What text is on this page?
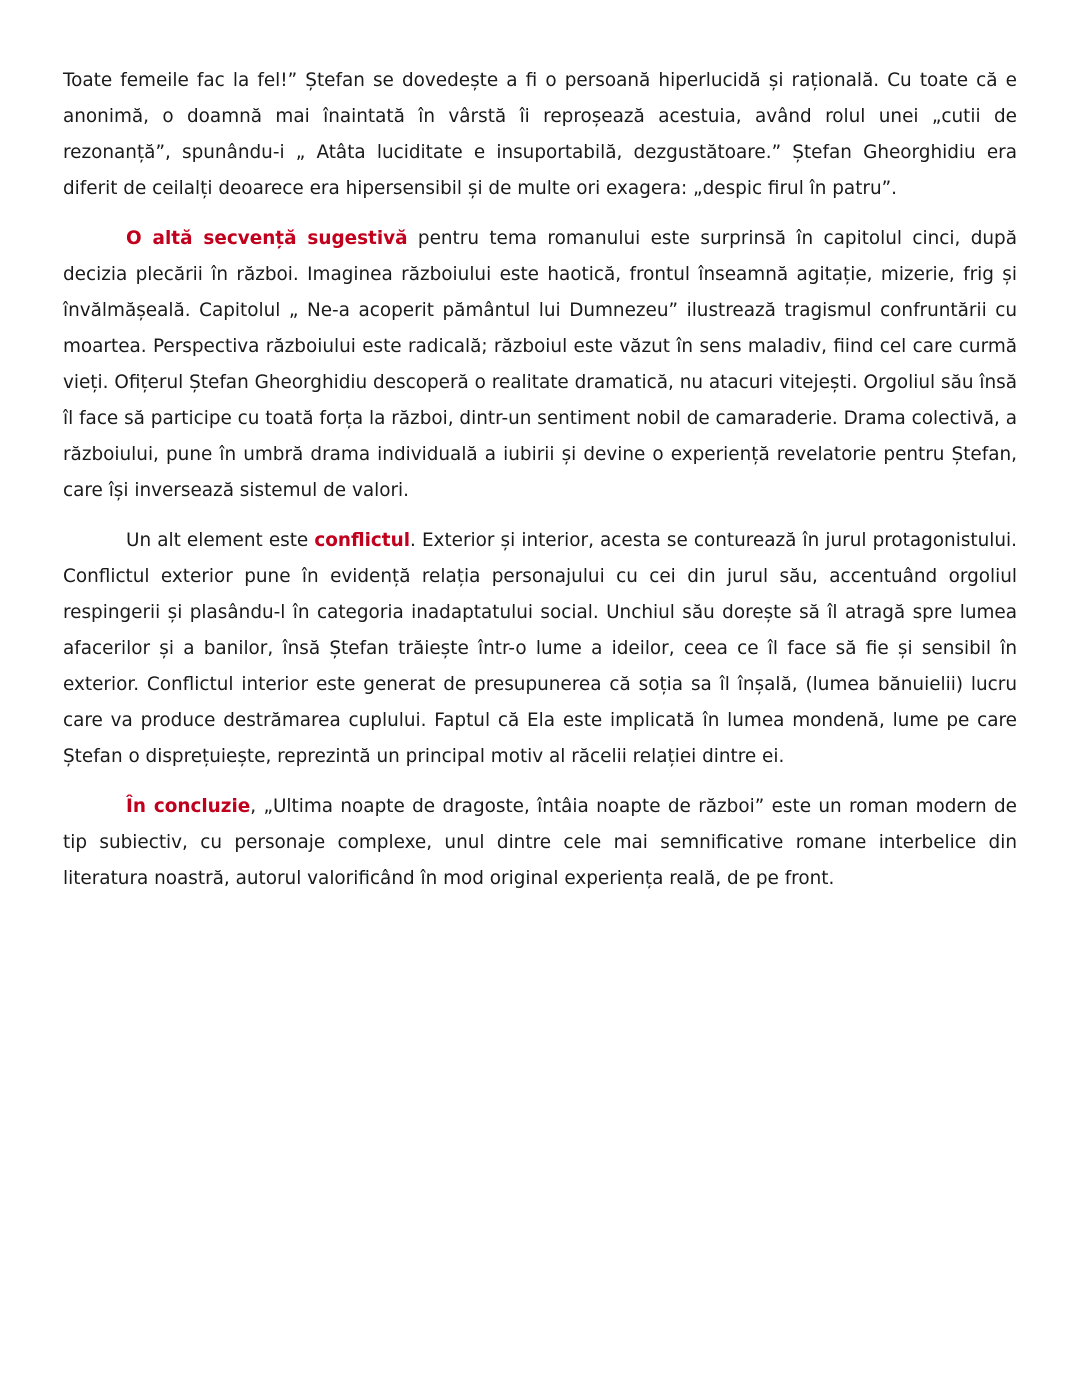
Toate femeile fac la fel!” Ștefan se dovedește a fi o persoană hiperlucidă și rațională. Cu toate că e anonimă, o doamnă mai înaintată în vârstă îi reproșează acestuia, având rolul unei „cutii de rezonanță”, spunându-i „ Atâta luciditate e insuportabilă, dezgustătoare.” Ștefan Gheorghidiu era diferit de ceilalți deoarece era hipersensibil și de multe ori exagera: „despic firul în patru”.

O altă secvență sugestivă pentru tema romanului este surprinsă în capitolul cinci, după decizia plecării în război. Imaginea războiului este haotică, frontul înseamnă agitație, mizerie, frig și învălmășeală. Capitolul „ Ne-a acoperit pământul lui Dumnezeu” ilustrează tragismul confruntării cu moartea. Perspectiva războiului este radicală; războiul este văzut în sens maladiv, fiind cel care curmă vieți. Ofițerul Ștefan Gheorghidiu descoperă o realitate dramatică, nu atacuri vitejești. Orgoliul său însă îl face să participe cu toată forța la război, dintr-un sentiment nobil de camaraderie. Drama colectivă, a războiului, pune în umbră drama individuală a iubirii și devine o experiență revelatorie pentru Ștefan, care își inversează sistemul de valori.

Un alt element este conflictul. Exterior și interior, acesta se conturează în jurul protagonistului. Conflictul exterior pune în evidență relația personajului cu cei din jurul său, accentuând orgoliul respingerii și plasându-l în categoria inadaptatului social. Unchiul său dorește să îl atragă spre lumea afacerilor și a banilor, însă Ștefan trăiește într-o lume a ideilor, ceea ce îl face să fie și sensibil în exterior. Conflictul interior este generat de presupunerea că soția sa îl înșală, (lumea bănuielii) lucru care va produce destrămarea cuplului. Faptul că Ela este implicată în lumea mondenă, lume pe care Ștefan o disprețuiește, reprezintă un principal motiv al răcelii relației dintre ei.

În concluzie, „Ultima noapte de dragoste, întâia noapte de război” este un roman modern de tip subiectiv, cu personaje complexe, unul dintre cele mai semnificative romane interbelice din literatura noastră, autorul valorificând în mod original experiența reală, de pe front.
